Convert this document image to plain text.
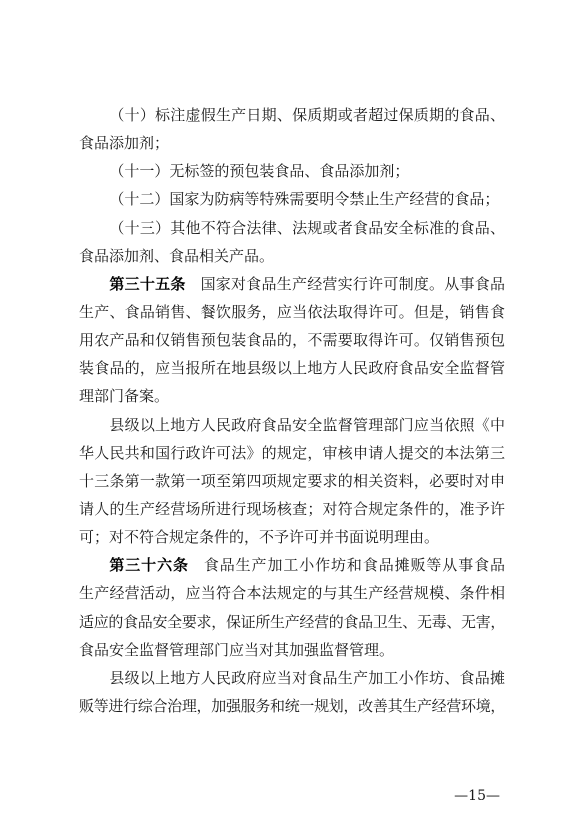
（十）标注虚假生产日期、保质期或者超过保质期的食品、
食品添加剂；
（十一）无标签的预包装食品、食品添加剂；
（十二）国家为防病等特殊需要明令禁止生产经营的食品；
（十三）其他不符合法律、法规或者食品安全标准的食品、
食品添加剂、食品相关产品。
第三十五条 国家对食品生产经营实行许可制度。从事食品
生产、食品销售、餐饮服务，应当依法取得许可。但是，销售食
用农产品和仅销售预包装食品的，不需要取得许可。仅销售预包
装食品的，应当报所在地县级以上地方人民政府食品安全监督管
理部门备案。
县级以上地方人民政府食品安全监督管理部门应当依照《中
华人民共和国行政许可法》的规定，审核申请人提交的本法第三
十三条第一款第一项至第四项规定要求的相关资料，必要时对申
请人的生产经营场所进行现场核查；对符合规定条件的，准予许
可；对不符合规定条件的，不予许可并书面说明理由。
第三十六条 食品生产加工小作坊和食品摊贩等从事食品
生产经营活动，应当符合本法规定的与其生产经营规模、条件相
适应的食品安全要求，保证所生产经营的食品卫生、无毒、无害，
食品安全监督管理部门应当对其加强监督管理。
县级以上地方人民政府应当对食品生产加工小作坊、食品摊
贩等进行综合治理，加强服务和统一规划，改善其生产经营环境，
—15—
